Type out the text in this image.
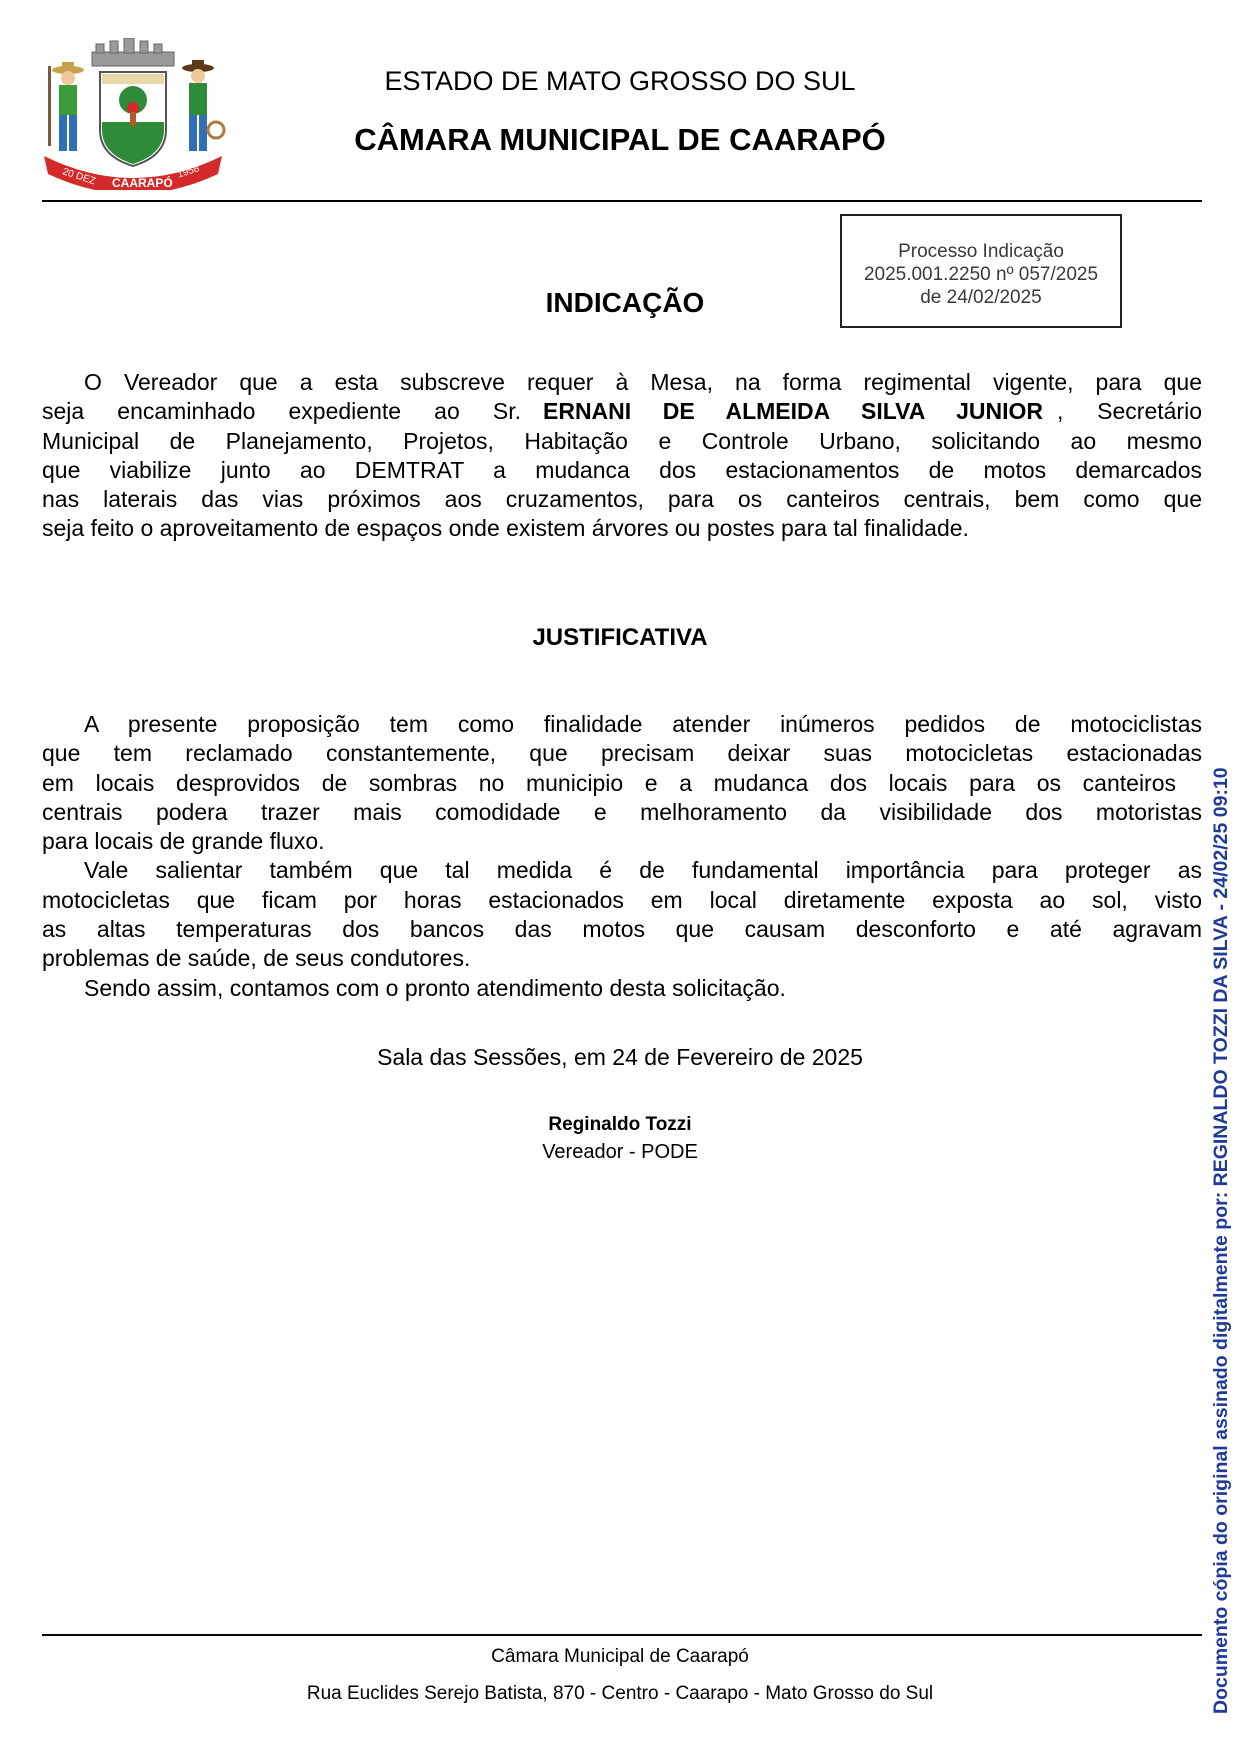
20 DEZ CAARAPÓ
1958
ESTADO DE MATO GROSSO DO SUL
CÂMARA MUNICIPAL DE CAARAPÓ
Processo Indicação
2025.001.2250 nº 057/2025
de 24/02/2025
INDICAÇÃO
O Vereador que a esta subscreve requer à Mesa, na forma regimental vigente, para que
seja encaminhado expediente ao Sr. ERNANI DE ALMEIDA SILVA JUNIOR , Secretário
Municipal de Planejamento, Projetos, Habitação e Controle Urbano, solicitando ao mesmo
que viabilize junto ao DEMTRAT a mudanca dos estacionamentos de motos demarcados
nas laterais das vias próximos aos cruzamentos, para os canteiros centrais, bem como que
seja feito o aproveitamento de espaços onde existem árvores ou postes para tal finalidade.
JUSTIFICATIVA
A presente proposição tem como finalidade atender inúmeros pedidos de motociclistas
que tem reclamado constantemente, que precisam deixar suas motocicletas estacionadas
em locais desprovidos de sombras no municipio e a mudanca dos locais para os canteiros
centrais podera trazer mais comodidade e melhoramento da visibilidade dos motoristas
para locais de grande fluxo.
Vale salientar também que tal medida é de fundamental importância para proteger as
motocicletas que ficam por horas estacionados em local diretamente exposta ao sol, visto
as altas temperaturas dos bancos das motos que causam desconforto e até agravam
problemas de saúde, de seus condutores.
Sendo assim, contamos com o pronto atendimento desta solicitação.
Sala das Sessões, em 24 de Fevereiro de 2025
Reginaldo Tozzi
Vereador - PODE
Câmara Municipal de Caarapó
Rua Euclides Serejo Batista, 870 - Centro - Caarapo - Mato Grosso do Sul	Documento cópia do original assinado digitalmente por: REGINALDO TOZZI DA SILVA - 24/02/25 09:10
